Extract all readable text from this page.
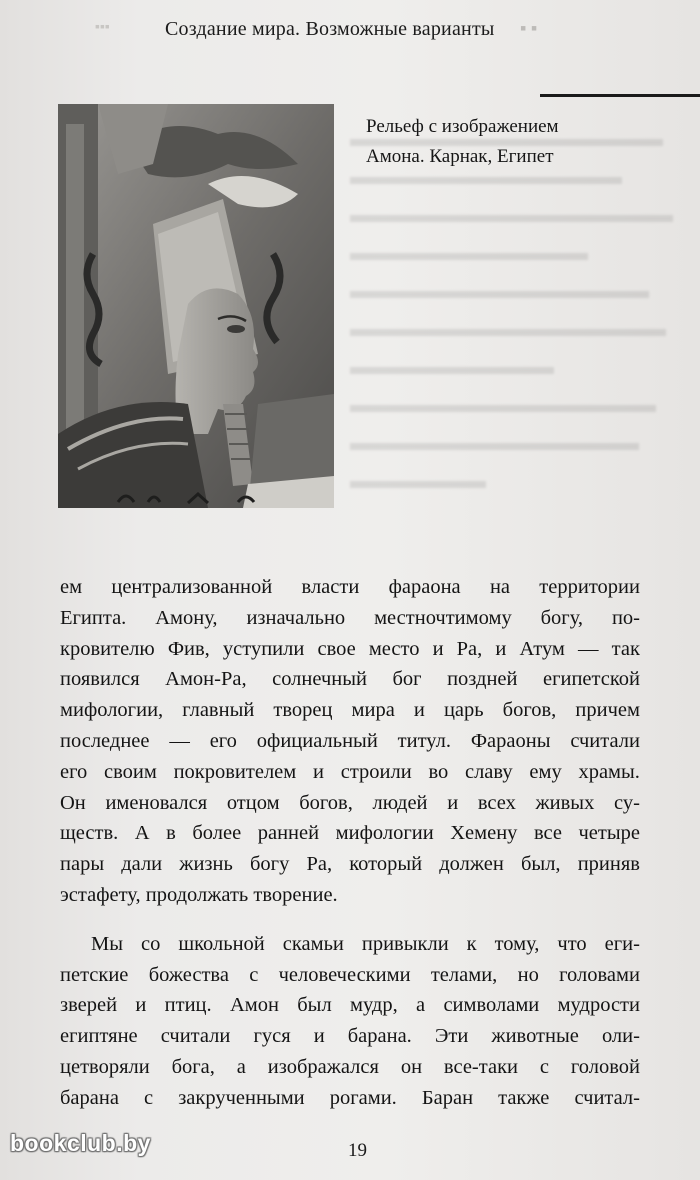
▪▪▪	Создание мира. Возможные варианты ▪ ▪
Рельеф с изображением
Амона. Карнак, Египет
ем централизованной власти фараона на территории
Египта. Амону, изначально местночтимому богу, по-
кровителю Фив, уступили свое место и Ра, и Атум — так
появился Амон-Ра, солнечный бог поздней египетской
мифологии, главный творец мира и царь богов, причем
последнее — его официальный титул. Фараоны считали
его своим покровителем и строили во славу ему храмы.
Он именовался отцом богов, людей и всех живых су-
ществ. А в более ранней мифологии Хемену все четыре
пары дали жизнь богу Ра, который должен был, приняв
эстафету, продолжать творение.
Мы со школьной скамьи привыкли к тому, что еги-
петские божества с человеческими телами, но головами
зверей и птиц. Амон был мудр, а символами мудрости
египтяне считали гуся и барана. Эти животные оли-
цетворяли бога, а изображался он все-таки с головой
барана с закрученными рогами. Баран также считал-
19
bookclub.by
